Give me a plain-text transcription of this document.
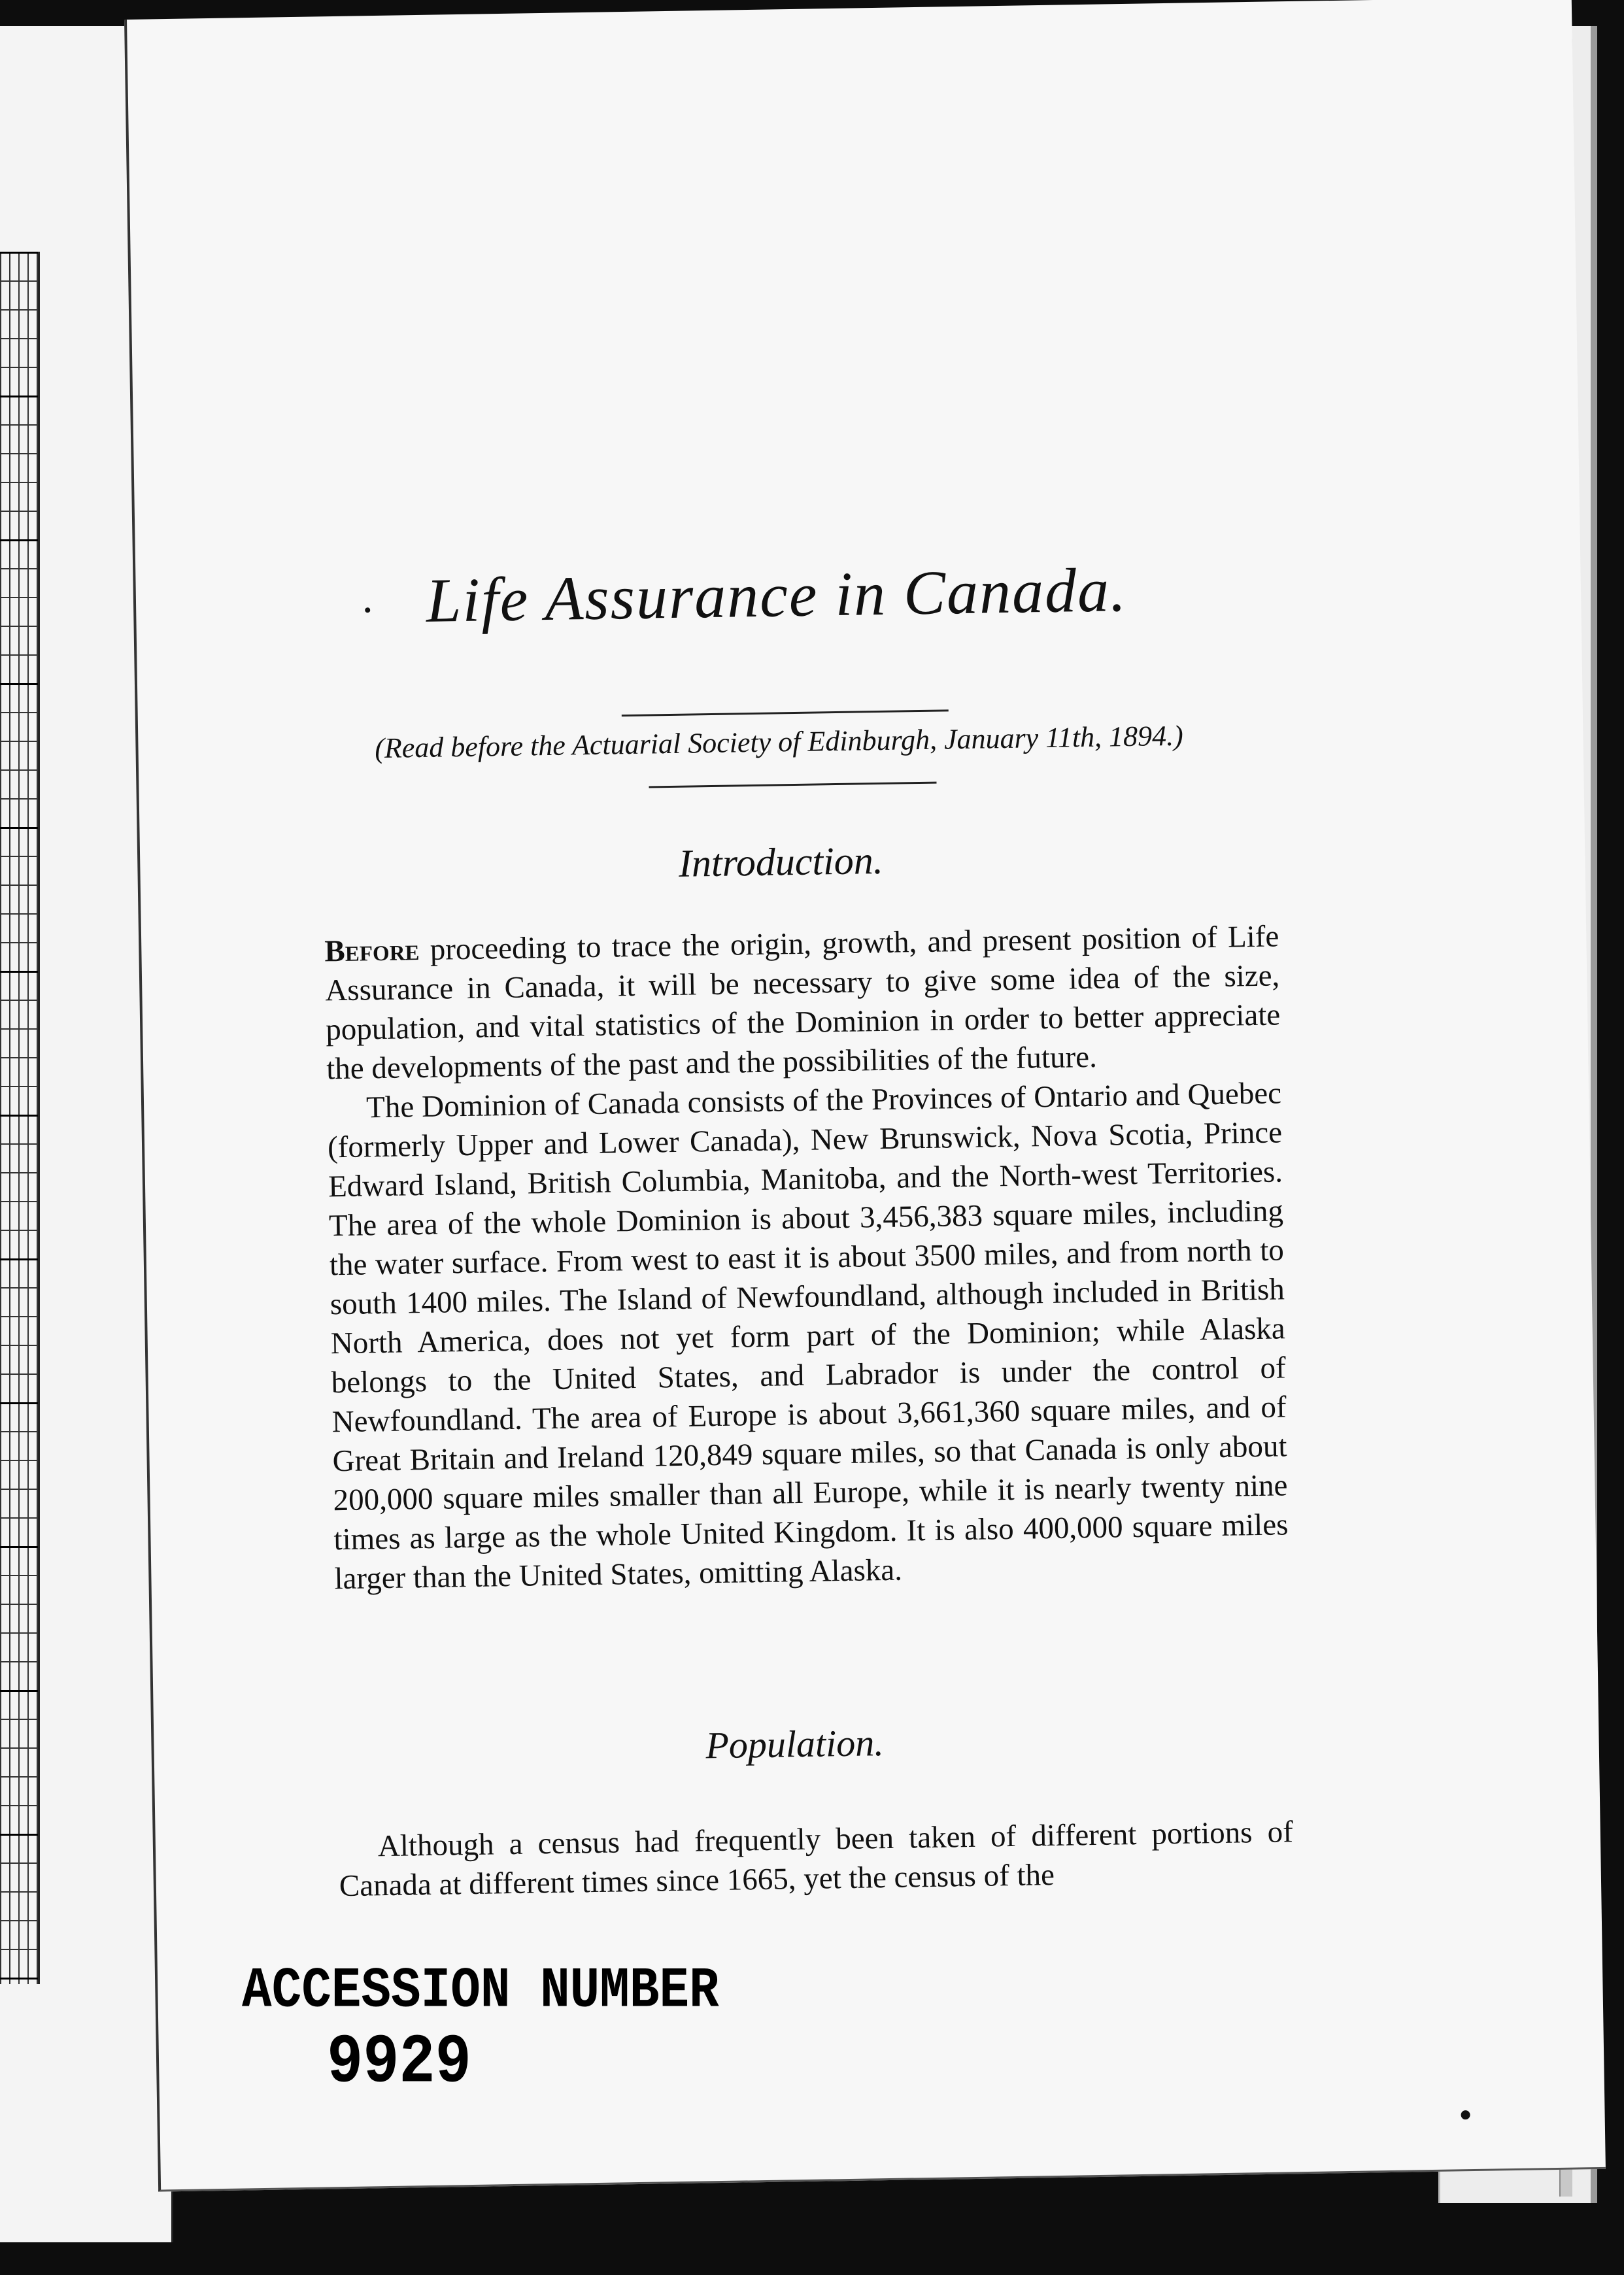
Life Assurance in Canada.
(Read before the Actuarial Society of Edinburgh, January 11th, 1894.)
Introduction.

Before proceeding to trace the origin, growth, and present position of Life Assurance in Canada, it will be necessary to give some idea of the size, population, and vital statistics of the Dominion in order to better appreciate the developments of the past and the possibilities of the future.

The Dominion of Canada consists of the Provinces of Ontario and Quebec (formerly Upper and Lower Canada), New Brunswick, Nova Scotia, Prince Edward Island, British Columbia, Manitoba, and the North-west Territories. The area of the whole Dominion is about 3,456,383 square miles, including the water surface. From west to east it is about 3500 miles, and from north to south 1400 miles. The Island of Newfoundland, although included in British North America, does not yet form part of the Dominion; while Alaska belongs to the United States, and Labrador is under the control of Newfoundland. The area of Europe is about 3,661,360 square miles, and of Great Britain and Ireland 120,849 square miles, so that Canada is only about 200,000 square miles smaller than all Europe, while it is nearly twenty nine times as large as the whole United Kingdom. It is also 400,000 square miles larger than the United States, omitting Alaska.

Population.

Although a census had frequently been taken of different portions of Canada at different times since 1665, yet the census of the

ACCESSION NUMBER
9929
